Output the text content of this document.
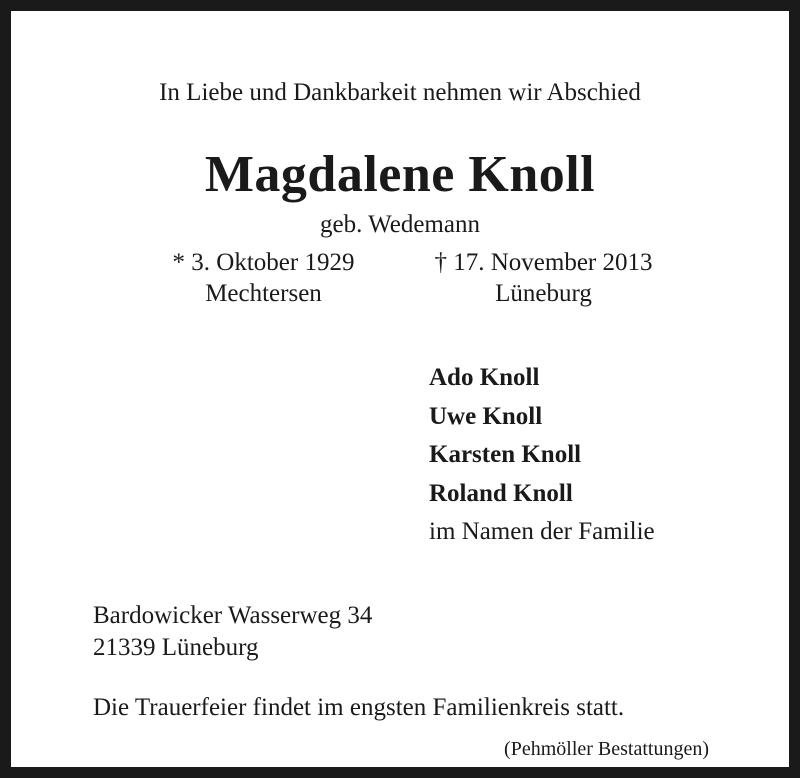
In Liebe und Dankbarkeit nehmen wir Abschied
Magdalene Knoll
geb. Wedemann
* 3. Oktober 1929
Mechtersen
† 17. November 2013
Lüneburg
Ado Knoll
Uwe Knoll
Karsten Knoll
Roland Knoll
im Namen der Familie
Bardowicker Wasserweg 34
21339 Lüneburg
Die Trauerfeier findet im engsten Familienkreis statt.
(Pehmöller Bestattungen)
